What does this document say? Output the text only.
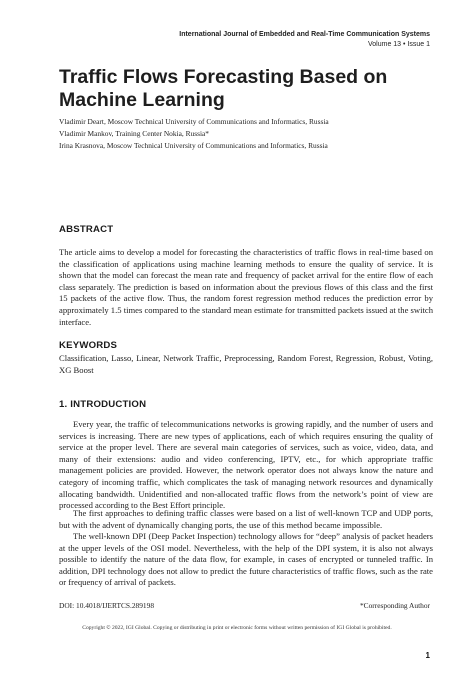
International Journal of Embedded and Real-Time Communication Systems
Volume 13 • Issue 1
Traffic Flows Forecasting Based on Machine Learning
Vladimir Deart, Moscow Technical University of Communications and Informatics, Russia
Vladimir Mankov, Training Center Nokia, Russia*
Irina Krasnova, Moscow Technical University of Communications and Informatics, Russia
ABSTRACT

The article aims to develop a model for forecasting the characteristics of traffic flows in real-time based on the classification of applications using machine learning methods to ensure the quality of service. It is shown that the model can forecast the mean rate and frequency of packet arrival for the entire flow of each class separately. The prediction is based on information about the previous flows of this class and the first 15 packets of the active flow. Thus, the random forest regression method reduces the prediction error by approximately 1.5 times compared to the standard mean estimate for transmitted packets issued at the switch interface.

KEYWORDS

Classification, Lasso, Linear, Network Traffic, Preprocessing, Random Forest, Regression, Robust, Voting, XG Boost

1. INTRODUCTION

Every year, the traffic of telecommunications networks is growing rapidly, and the number of users and services is increasing. There are new types of applications, each of which requires ensuring the quality of service at the proper level. There are several main categories of services, such as voice, video, data, and many of their extensions: audio and video conferencing, IPTV, etc., for which appropriate traffic management policies are provided. However, the network operator does not always know the nature and category of incoming traffic, which complicates the task of managing network resources and dynamically allocating bandwidth. Unidentified and non-allocated traffic flows from the network’s point of view are processed according to the Best Effort principle.

The first approaches to defining traffic classes were based on a list of well-known TCP and UDP ports, but with the advent of dynamically changing ports, the use of this method became impossible.

The well-known DPI (Deep Packet Inspection) technology allows for “deep” analysis of packet headers at the upper levels of the OSI model. Nevertheless, with the help of the DPI system, it is also not always possible to identify the nature of the data flow, for example, in cases of encrypted or tunneled traffic. In addition, DPI technology does not allow to predict the future characteristics of traffic flows, such as the rate or frequency of arrival of packets.

DOI: 10.4018/IJERTCS.289198	*Corresponding Author
Copyright © 2022, IGI Global. Copying or distributing in print or electronic forms without written permission of IGI Global is prohibited.
1
